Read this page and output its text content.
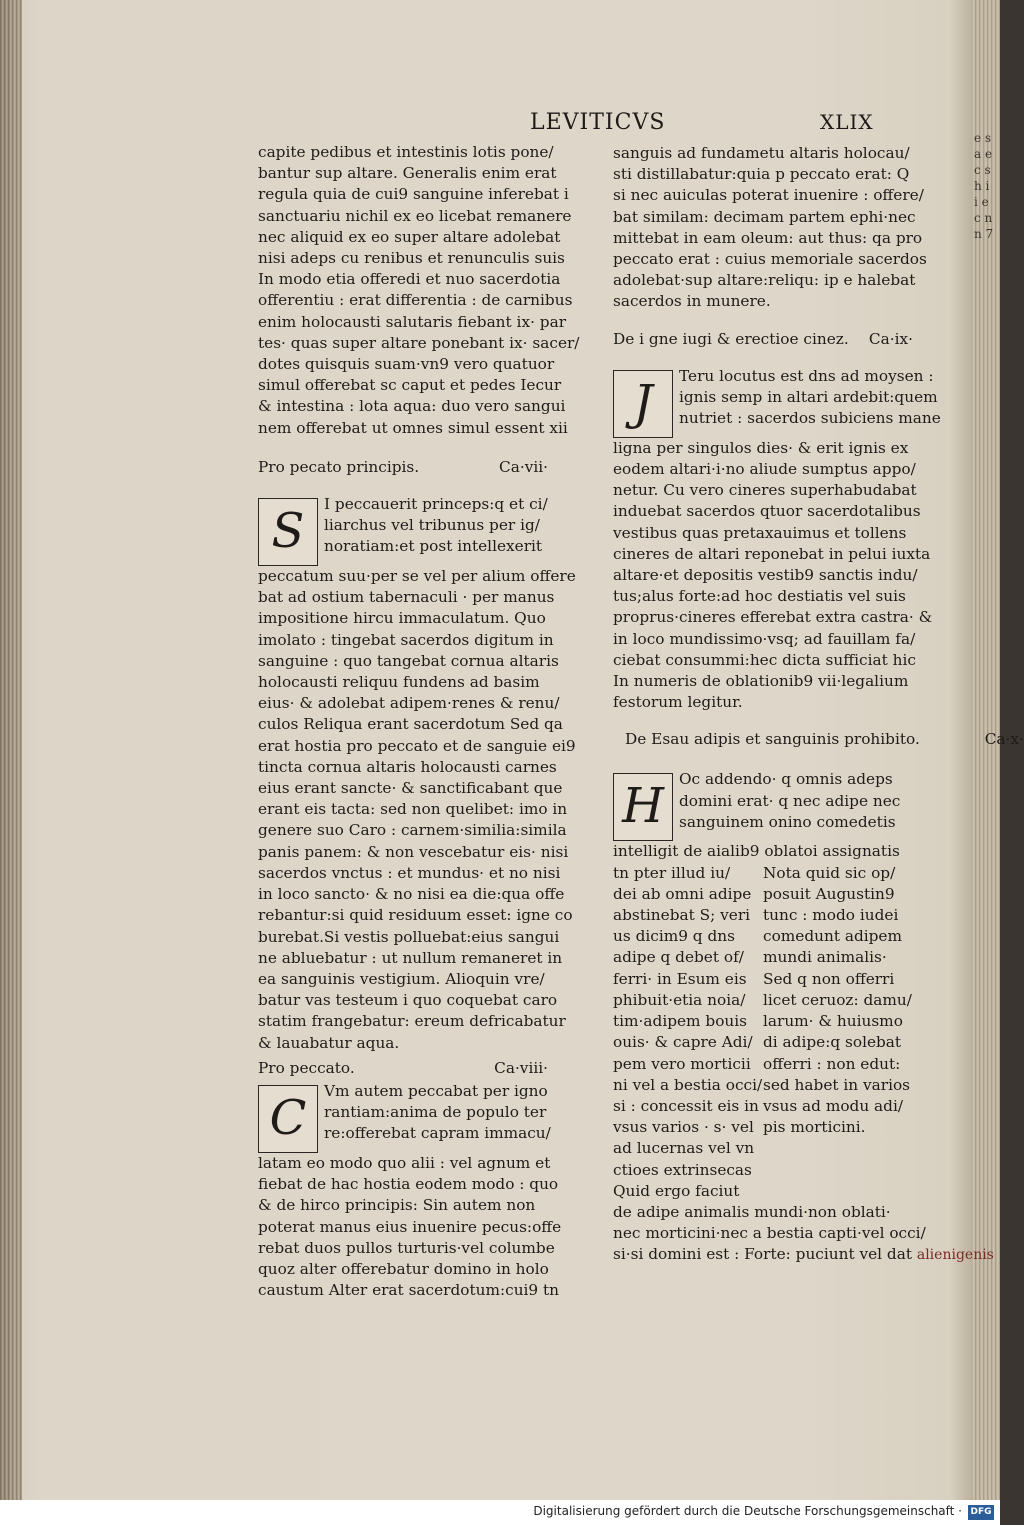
e s a e c s h i i e c n n 7
LEVITICVS	XLIX

capite pedibus et intestinis lotis pone/

bantur sup altare. Generalis enim erat

regula quia de cui9 sanguine inferebat i

sanctuariu nichil ex eo licebat remanere

nec aliquid ex eo super altare adolebat

nisi adeps cu renibus et renunculis suis

In modo etia offeredi et nuo sacerdotia

offerentiu : erat differentia : de carnibus

enim holocausti salutaris fiebant ix· par

tes· quas super altare ponebant ix· sacer/

dotes quisquis suam·vn9 vero quatuor

simul offerebat sc caput et pedes Iecur

& intestina : lota aqua: duo vero sangui

nem offerebat ut omnes simul essent xii

Pro pecato principis.	Ca·vii·

S	I peccauerit princeps:q et ci/

liarchus vel tribunus per ig/

noratiam:et post intellexerit

peccatum suu·per se vel per alium offere

bat ad ostium tabernaculi · per manus

impositione hircu immaculatum. Quo

imolato : tingebat sacerdos digitum in

sanguine : quo tangebat cornua altaris

holocausti reliquu fundens ad basim

eius· & adolebat adipem·renes & renu/

culos Reliqua erant sacerdotum Sed qa

erat hostia pro peccato et de sanguie ei9

tincta cornua altaris holocausti carnes

eius erant sancte· & sanctificabant que

erant eis tacta: sed non quelibet: imo in

genere suo Caro : carnem·similia:simila

panis panem: & non vescebatur eis· nisi

sacerdos vnctus : et mundus· et no nisi

in loco sancto· & no nisi ea die:qua offe

rebantur:si quid residuum esset: igne co

burebat.Si vestis polluebat:eius sangui

ne abluebatur : ut nullum remaneret in

ea sanguinis vestigium. Alioquin vre/

batur vas testeum i quo coquebat caro

statim frangebatur: ereum defricabatur

& lauabatur aqua.

Pro peccato.	Ca·viii·

C	Vm autem peccabat per igno

rantiam:anima de populo ter

re:offerebat capram immacu/

latam eo modo quo alii : vel agnum et

fiebat de hac hostia eodem modo : quo

& de hirco principis: Sin autem non

poterat manus eius inuenire pecus:offe

rebat duos pullos turturis·vel columbe

quoz alter offerebatur domino in holo

caustum Alter erat sacerdotum:cui9 tn

sanguis ad fundametu altaris holocau/

sti distillabatur:quia p peccato erat: Q

si nec auiculas poterat inuenire : offere/

bat similam: decimam partem ephi·nec

mittebat in eam oleum: aut thus: qa pro

peccato erat : cuius memoriale sacerdos

adolebat·sup altare:reliqu: ip e halebat

sacerdos in munere.

De i gne iugi & erectioe cinez. Ca·ix·

J	Teru locutus est dns ad moysen :

ignis semp in altari ardebit:quem

nutriet : sacerdos subiciens mane

ligna per singulos dies· & erit ignis ex

eodem altari·i·no aliude sumptus appo/

netur. Cu vero cineres superhabudabat

induebat sacerdos qtuor sacerdotalibus

vestibus quas pretaxauimus et tollens

cineres de altari reponebat in pelui iuxta

altare·et depositis vestib9 sanctis indu/

tus;alus forte:ad hoc destiatis vel suis

proprus·cineres efferebat extra castra· &

in loco mundissimo·vsq; ad fauillam fa/

ciebat consummi:hec dicta sufficiat hic

In numeris de oblationib9 vii·legalium

festorum legitur.

De Esau adipis et sanguinis prohibito.	Ca·x·

H Oc addendo· q omnis adeps

domini erat· q nec adipe nec

sanguinem onino comedetis

intelligit de aialib9 oblatoi assignatis

tn pter illud iu/

dei ab omni adipe

abstinebat S; veri

us dicim9 q dns

adipe q debet of/

ferri· in Esum eis

phibuit·etia noia/

tim·adipem bouis

ouis· & capre Adi/

pem vero morticii

ni vel a bestia occi/

si : concessit eis in

vsus varios · s· vel

ad lucernas vel vn

ctioes extrinsecas

Nota quid sic op/

posuit Augustin9

tunc : modo iudei

comedunt adipem

mundi animalis·

Sed q non offerri

licet ceruoz: damu/

larum· & huiusmo

di adipe:q solebat

offerri : non edut:

sed habet in varios

vsus ad modu adi/

pis morticini.

Quid ergo faciut

de adipe animalis mundi·non oblati·

nec morticini·nec a bestia capti·vel occi/

si·si domini est : Forte: puciunt vel dat alienigenis

Digitalisierung gefördert durch die Deutsche Forschungsgemeinschaft · DFG
